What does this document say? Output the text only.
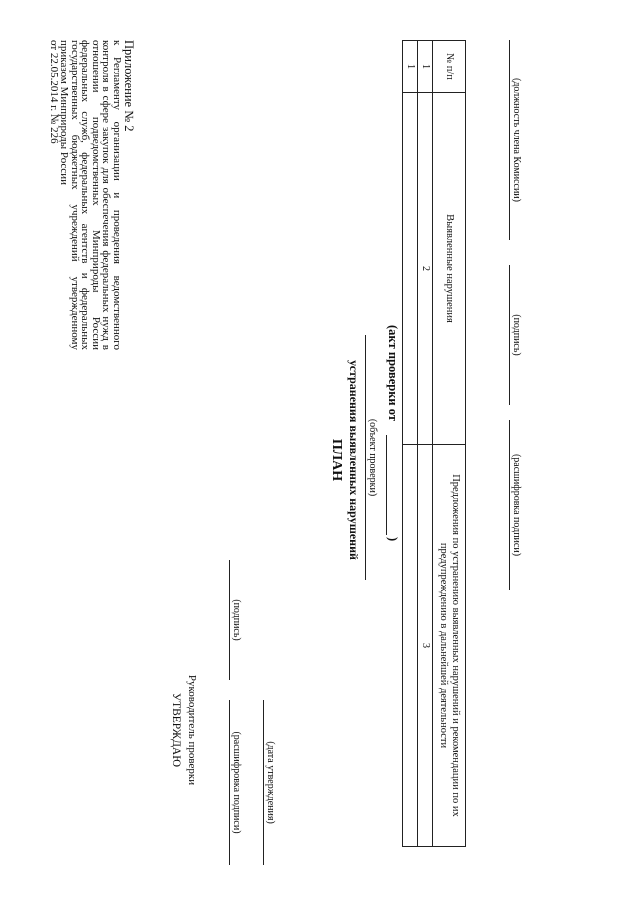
Приложение № 2
к Регламенту организации и проведения ведомственного контроля в сфере закупок для обеспечения федеральных нужд в отношении подведомственных Минприроды России федеральных служб, федеральных агентств и федеральных государственных бюджетных учреждений утвержденному приказом Минприроды России
от 22.05.2014 г. № 226
УТВЕРЖДАЮ Руководитель проверки
(подпись)
(расшифровка подписи) (дата утверждения)
ПЛАН устранения выявленных нарушений (объект проверки)
(акт проверки от
)
№ п/п	Выявленные нарушения	Предложения по устранению выявленных нарушений и рекомендации по их предупреждению в дальнейшей деятельности
1	2	3
1		
(должность члена Комиссии)
(подпись)
(расшифровка подписи)
